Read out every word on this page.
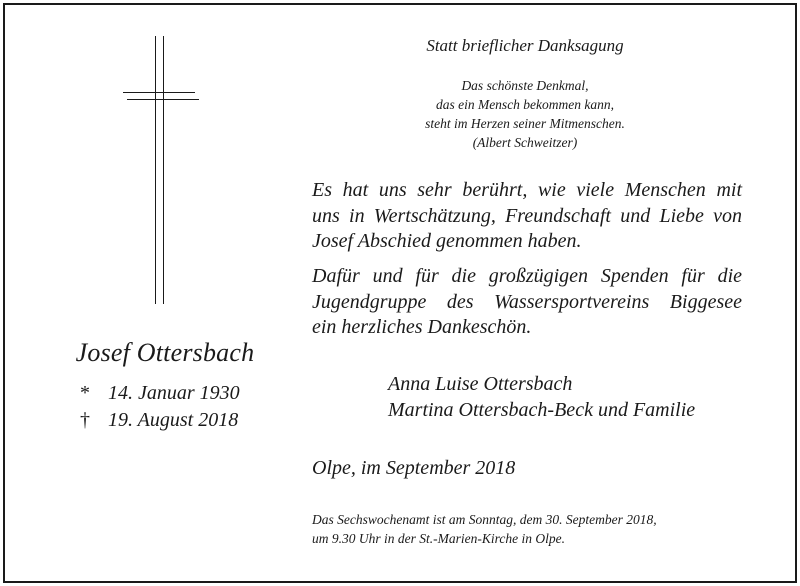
Josef Ottersbach
* 14. Januar 1930
† 19. August 2018
Statt brieflicher Danksagung
Das schönste Denkmal,
das ein Mensch bekommen kann,
steht im Herzen seiner Mitmenschen.
(Albert Schweitzer)
Es hat uns sehr berührt, wie viele Menschen mit
uns in Wertschätzung, Freundschaft und Liebe von
Josef Abschied genommen haben.
Dafür und für die großzügigen Spenden für die
Jugendgruppe des Wassersportvereins Biggesee
ein herzliches Dankeschön.
Anna Luise Ottersbach
Martina Ottersbach-Beck und Familie
Olpe, im September 2018
Das Sechswochenamt ist am Sonntag, dem 30. September 2018,
um 9.30 Uhr in der St.-Marien-Kirche in Olpe.
